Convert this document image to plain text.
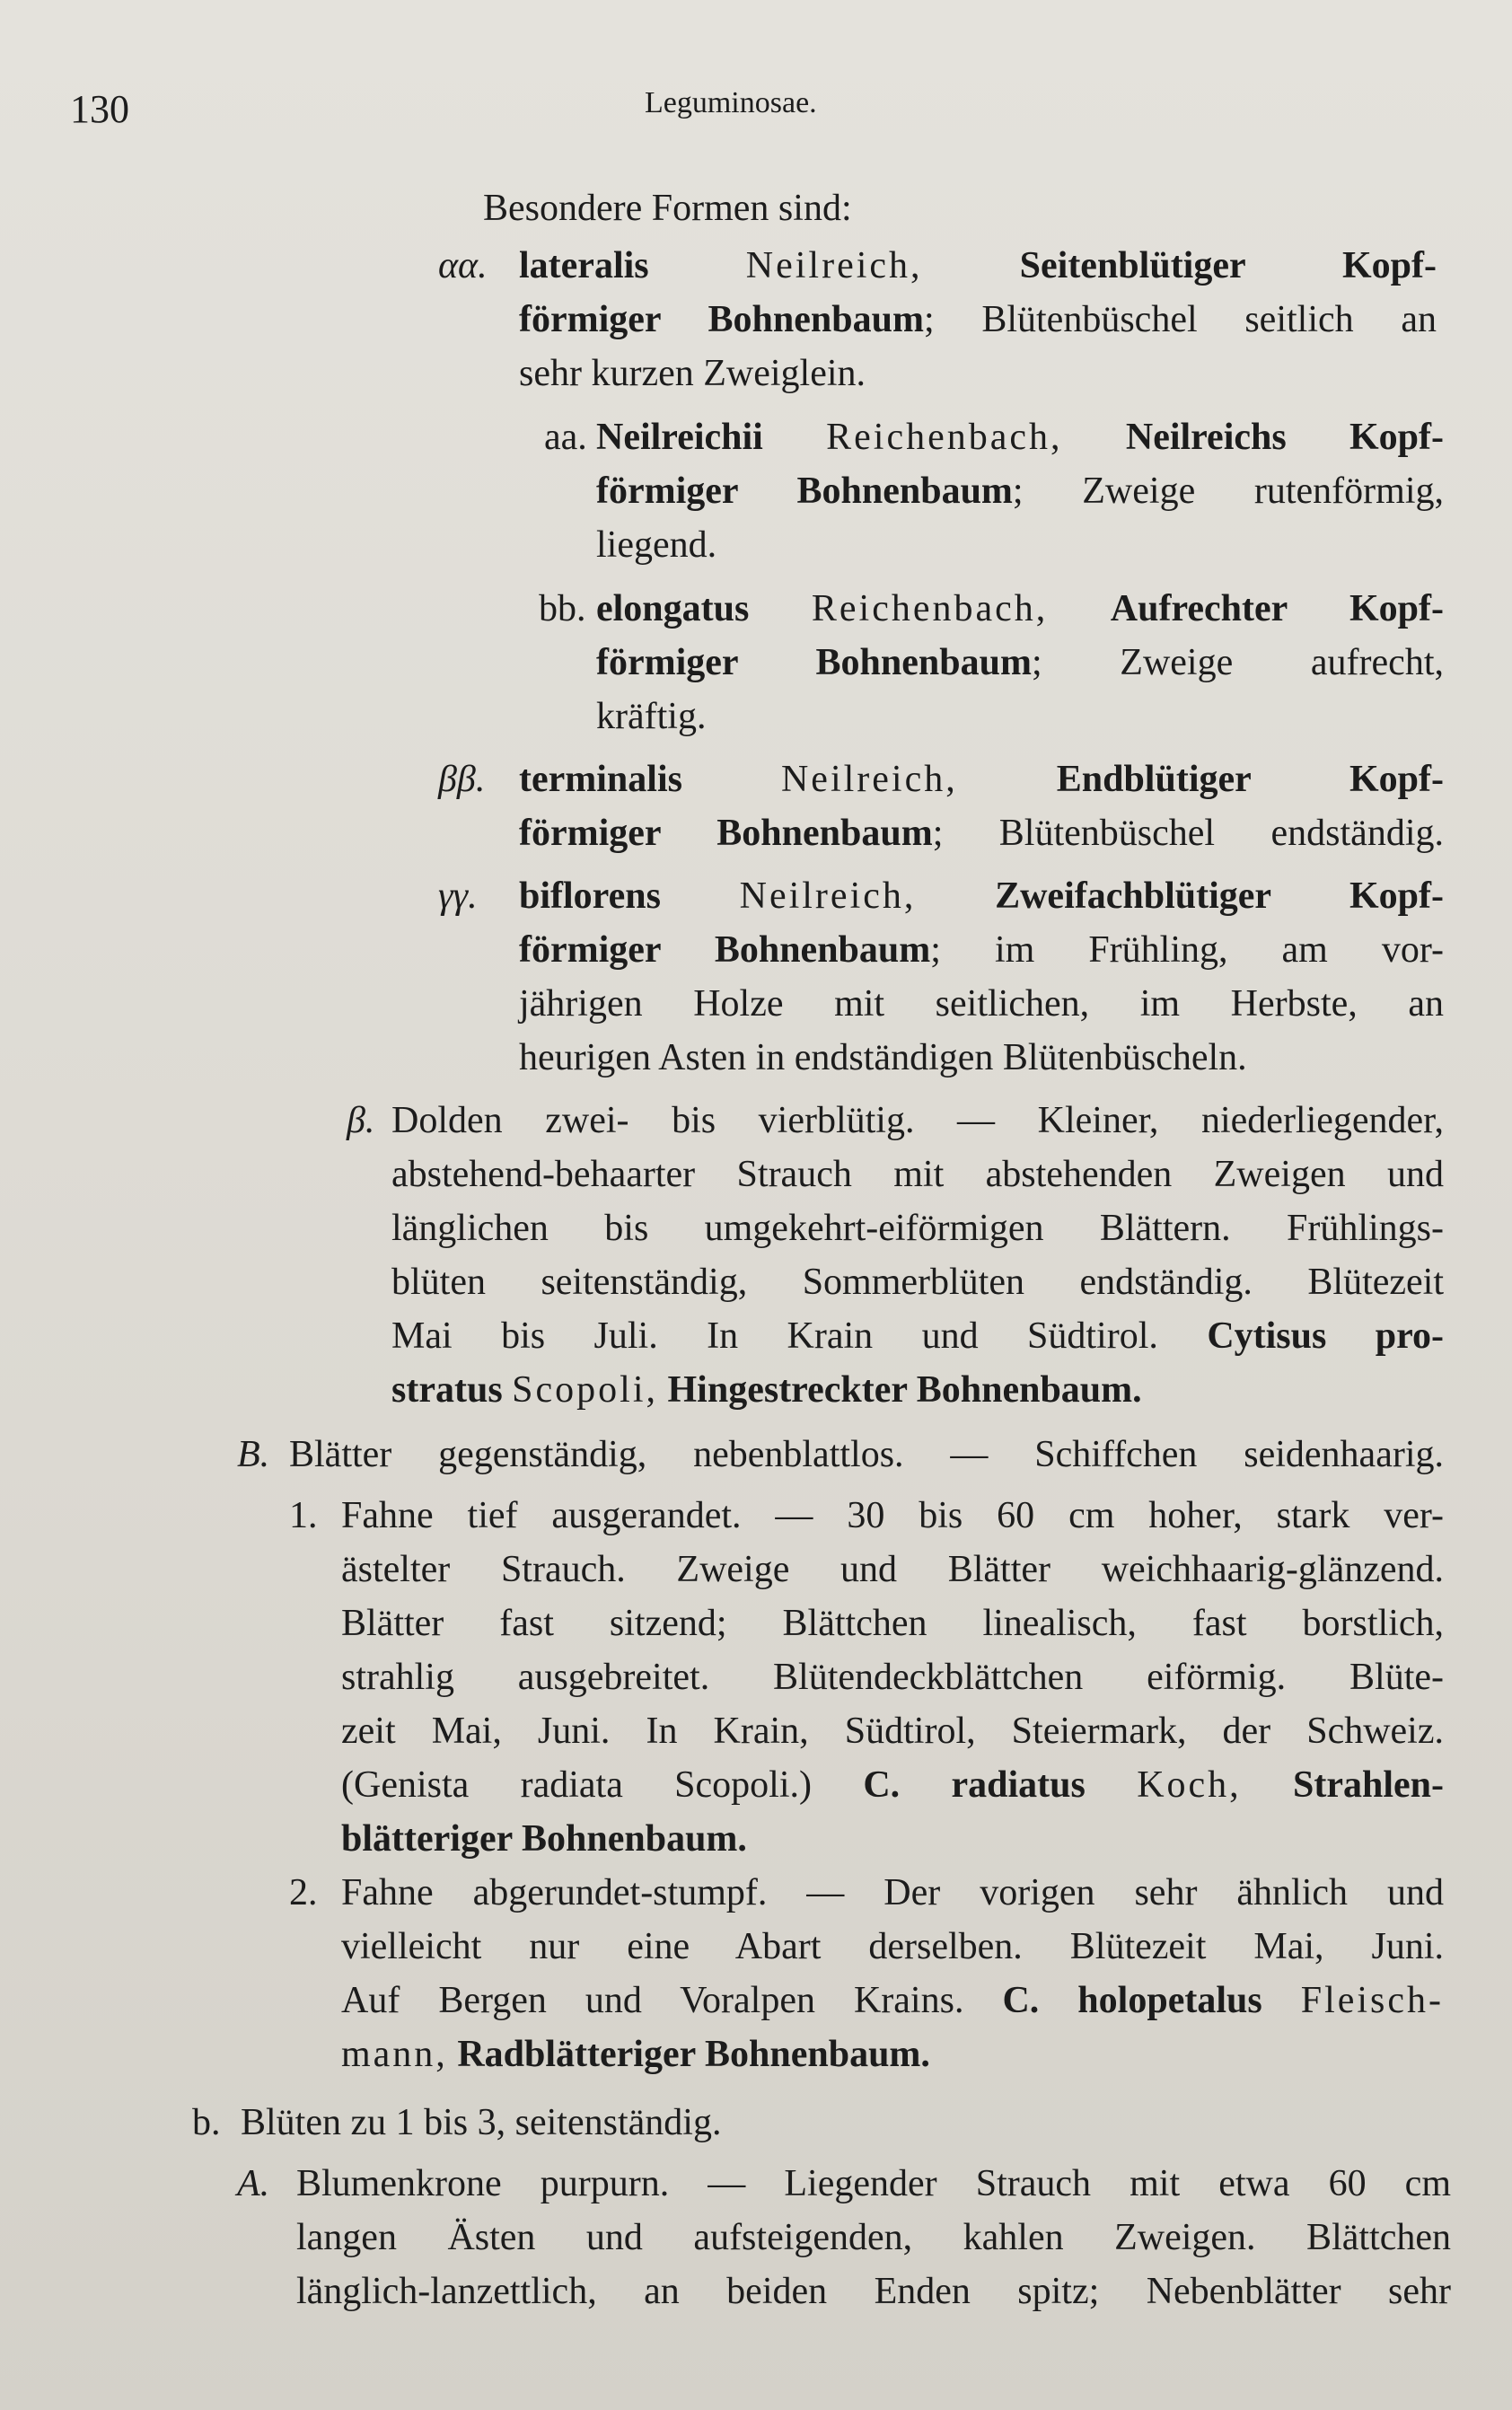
130	Leguminosae.
Besondere Formen sind:
αα. lateralis	Neilreich,	Seitenblütiger Kopf-
förmiger Bohnenbaum; Blütenbüschel seitlich an
sehr kurzen Zweiglein.
aa. Neilreichii Reichenbach, Neilreichs Kopf-
förmiger Bohnenbaum; Zweige rutenförmig,
liegend.
bb. elongatus Reichenbach, Aufrechter Kopf-
förmiger Bohnenbaum; Zweige aufrecht,
kräftig.
ββ. terminalis	Neilreich,	Endblütiger Kopf-
förmiger Bohnenbaum; Blütenbüschel endständig.
γγ. biflorens Neilreich, Zweifachblütiger Kopf-
förmiger Bohnenbaum; im Frühling, am vor-
jährigen Holze mit seitlichen, im Herbste, an
heurigen Asten in endständigen Blütenbüscheln.
β. Dolden zwei- bis vierblütig. — Kleiner, niederliegender,
abstehend-behaarter Strauch mit abstehenden Zweigen und
länglichen bis umgekehrt-eiförmigen Blättern. Frühlings-
blüten seitenständig, Sommerblüten endständig. Blütezeit
Mai bis Juli. In Krain und Südtirol. Cytisus pro-
stratus Scopoli, Hingestreckter Bohnenbaum.
B. Blätter gegenständig, nebenblattlos. — Schiffchen seidenhaarig.
1. Fahne tief ausgerandet. — 30 bis 60 cm hoher, stark ver-
ästelter Strauch. Zweige und Blätter weichhaarig-glänzend.
Blätter fast sitzend; Blättchen linealisch, fast borstlich,
strahlig ausgebreitet. Blütendeckblättchen eiförmig. Blüte-
zeit Mai, Juni. In Krain, Südtirol, Steiermark, der Schweiz.
(Genista radiata Scopoli.) C. radiatus Koch, Strahlen-
blätteriger Bohnenbaum.
2. Fahne abgerundet-stumpf. — Der vorigen sehr ähnlich und
vielleicht nur eine Abart derselben. Blütezeit Mai, Juni.
Auf Bergen und Voralpen Krains. C. holopetalus Fleisch-
mann, Radblätteriger Bohnenbaum.
b. Blüten zu 1 bis 3, seitenständig.
A. Blumenkrone purpurn. — Liegender Strauch mit etwa 60 cm
langen Ästen und aufsteigenden, kahlen Zweigen. Blättchen
länglich-lanzettlich, an beiden Enden spitz; Nebenblätter sehr
